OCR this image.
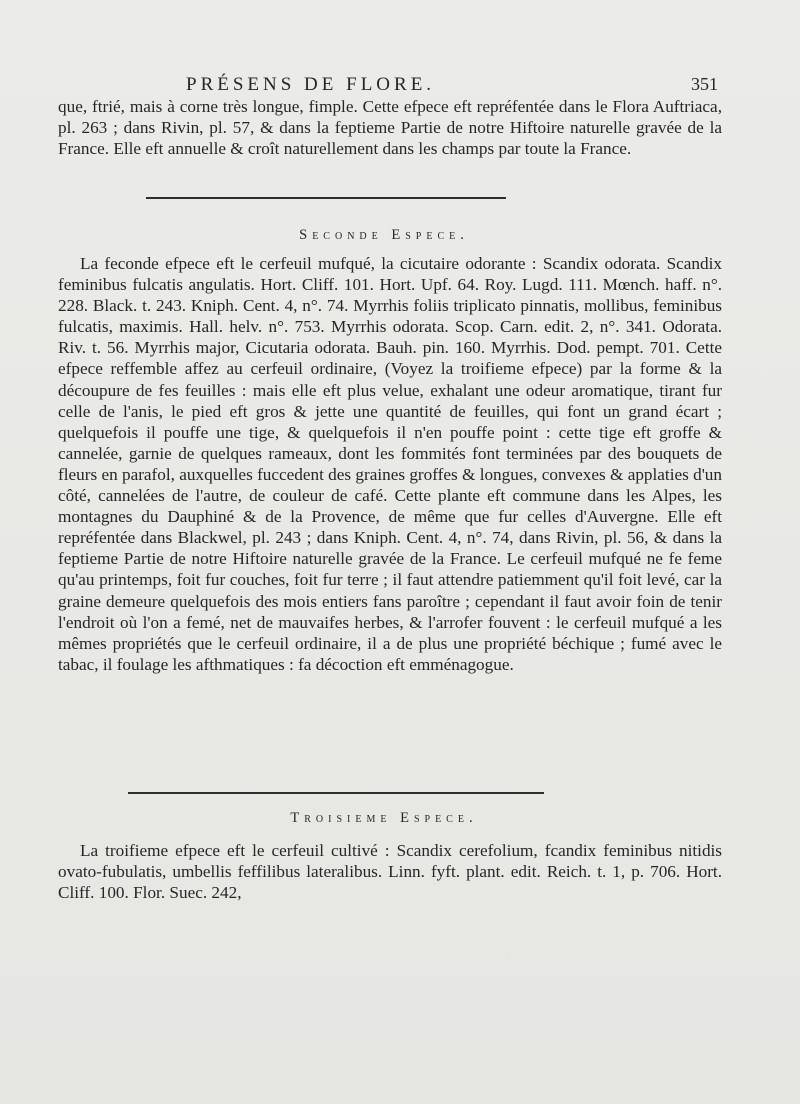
PRÉSENS DE FLORE.	351

que, ftrié, mais à corne très longue, fimple. Cette efpece eft repréfentée dans le Flora Auftriaca, pl. 263 ; dans Rivin, pl. 57, & dans la feptieme Partie de notre Hiftoire naturelle gravée de la France. Elle eft annuelle & croît naturellement dans les champs par toute la France.

Seconde Espece.

La feconde efpece eft le cerfeuil mufqué, la cicutaire odorante : Scandix odorata. Scandix feminibus fulcatis angulatis. Hort. Cliff. 101. Hort. Upf. 64. Roy. Lugd. 111. Mœnch. haff. n°. 228. Black. t. 243. Kniph. Cent. 4, n°. 74. Myrrhis foliis triplicato pinnatis, mollibus, feminibus fulcatis, maximis. Hall. helv. n°. 753. Myrrhis odorata. Scop. Carn. edit. 2, n°. 341. Odorata. Riv. t. 56. Myrrhis major, Cicutaria odorata. Bauh. pin. 160. Myrrhis. Dod. pempt. 701. Cette efpece reffemble affez au cerfeuil ordinaire, (Voyez la troifieme efpece) par la forme & la découpure de fes feuilles : mais elle eft plus velue, exhalant une odeur aromatique, tirant fur celle de l'anis, le pied eft gros & jette une quantité de feuilles, qui font un grand écart ; quelquefois il pouffe une tige, & quelquefois il n'en pouffe point : cette tige eft groffe & cannelée, garnie de quelques rameaux, dont les fommités font terminées par des bouquets de fleurs en parafol, auxquelles fuccedent des graines groffes & longues, convexes & applaties d'un côté, cannelées de l'autre, de couleur de café. Cette plante eft commune dans les Alpes, les montagnes du Dauphiné & de la Provence, de même que fur celles d'Auvergne. Elle eft repréfentée dans Blackwel, pl. 243 ; dans Kniph. Cent. 4, n°. 74, dans Rivin, pl. 56, & dans la feptieme Partie de notre Hiftoire naturelle gravée de la France. Le cerfeuil mufqué ne fe feme qu'au printemps, foit fur couches, foit fur terre ; il faut attendre patiemment qu'il foit levé, car la graine demeure quelquefois des mois entiers fans paroître ; cependant il faut avoir foin de tenir l'endroit où l'on a femé, net de mauvaifes herbes, & l'arrofer fouvent : le cerfeuil mufqué a les mêmes propriétés que le cerfeuil ordinaire, il a de plus une propriété béchique ; fumé avec le tabac, il foulage les afthmatiques : fa décoction eft emménagogue.

Troisieme Espece.

La troifieme efpece eft le cerfeuil cultivé : Scandix cerefolium, fcandix feminibus nitidis ovato-fubulatis, umbellis feffilibus lateralibus. Linn. fyft. plant. edit. Reich. t. 1, p. 706. Hort. Cliff. 100. Flor. Suec. 242,
